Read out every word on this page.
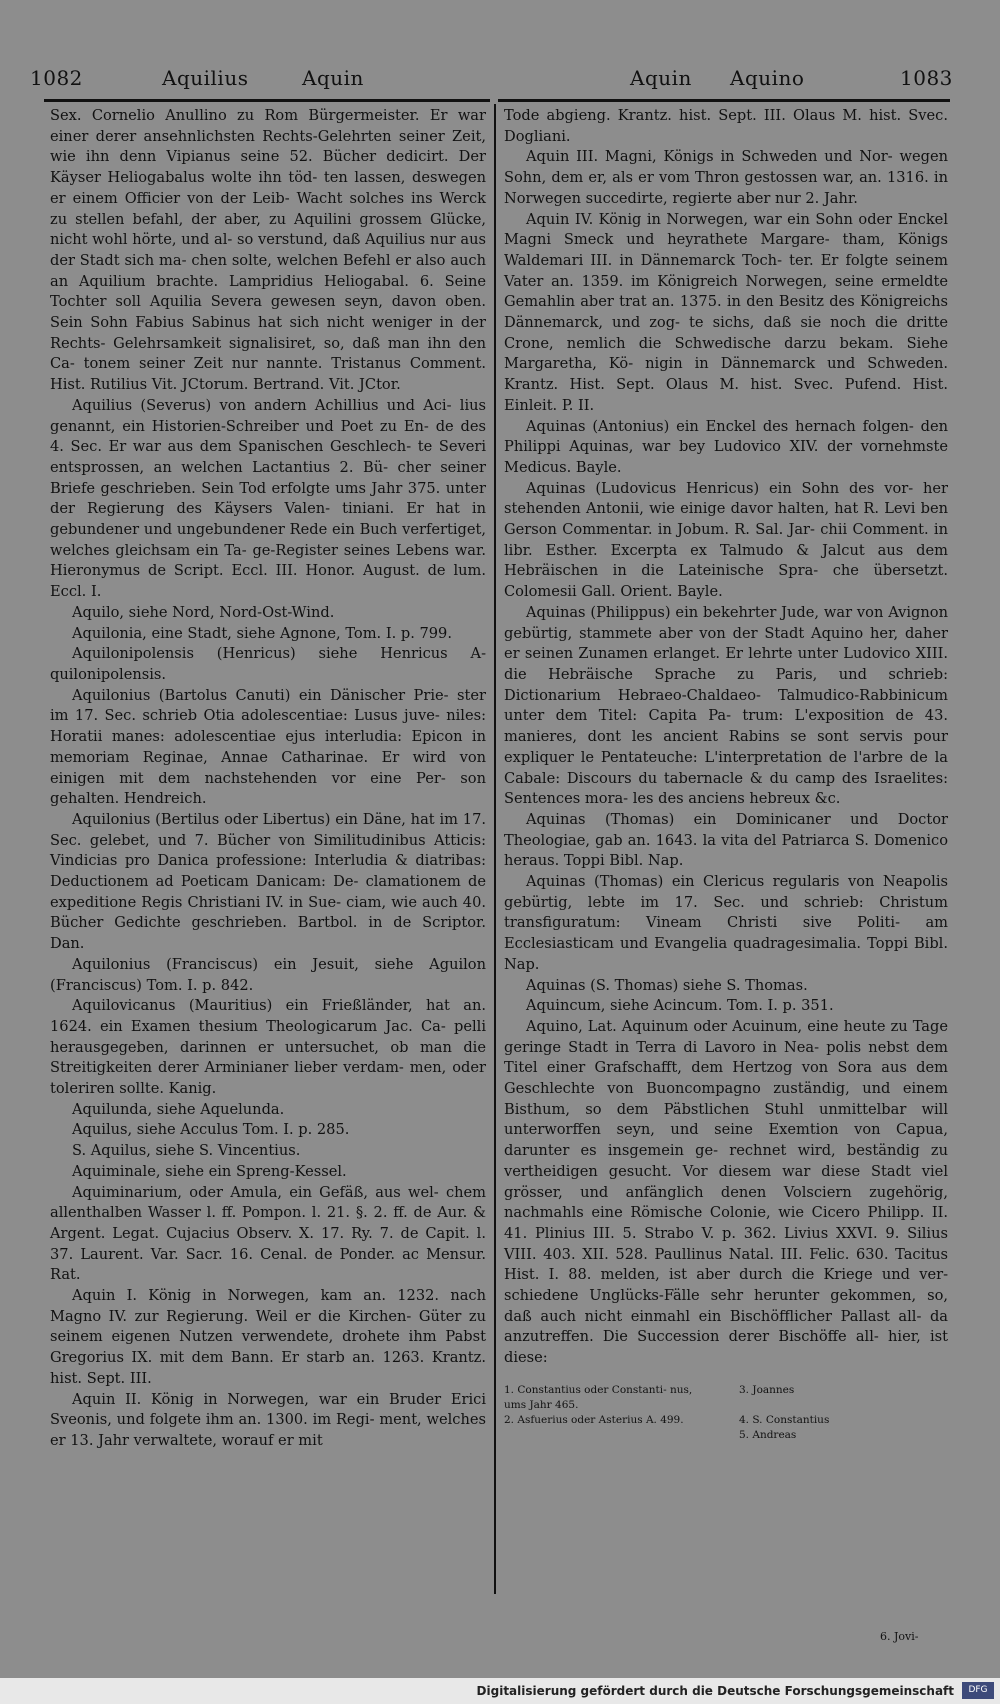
1082	Aquilius	Aquin	Aquin Aquino	1083

Sex. Cornelio Anullino zu Rom Bürgermeister. Er war einer derer ansehnlichsten Rechts-Gelehrten seiner Zeit, wie ihn denn Vipianus seine 52. Bücher dedicirt. Der Käyser Heliogabalus wolte ihn töd- ten lassen, deswegen er einem Officier von der Leib- Wacht solches ins Werck zu stellen befahl, der aber, zu Aquilini grossem Glücke, nicht wohl hörte, und al- so verstund, daß Aquilius nur aus der Stadt sich ma- chen solte, welchen Befehl er also auch an Aquilium brachte. Lampridius Heliogabal. 6. Seine Tochter soll Aquilia Severa gewesen seyn, davon oben. Sein Sohn Fabius Sabinus hat sich nicht weniger in der Rechts- Gelehrsamkeit signalisiret, so, daß man ihn den Ca- tonem seiner Zeit nur nannte. Tristanus Comment. Hist. Rutilius Vit. JCtorum. Bertrand. Vit. JCtor.

Aquilius (Severus) von andern Achillius und Aci- lius genannt, ein Historien-Schreiber und Poet zu En- de des 4. Sec. Er war aus dem Spanischen Geschlech- te Severi entsprossen, an welchen Lactantius 2. Bü- cher seiner Briefe geschrieben. Sein Tod erfolgte ums Jahr 375. unter der Regierung des Käysers Valen- tiniani. Er hat in gebundener und ungebundener Rede ein Buch verfertiget, welches gleichsam ein Ta- ge-Register seines Lebens war. Hieronymus de Script. Eccl. III. Honor. August. de lum. Eccl. I.

Aquilo, siehe Nord, Nord-Ost-Wind.

Aquilonia, eine Stadt, siehe Agnone, Tom. I. p. 799.

Aquilonipolensis (Henricus) siehe Henricus A- quilonipolensis.

Aquilonius (Bartolus Canuti) ein Dänischer Prie- ster im 17. Sec. schrieb Otia adolescentiae: Lusus juve- niles: Horatii manes: adolescentiae ejus interludia: Epicon in memoriam Reginae, Annae Catharinae. Er wird von einigen mit dem nachstehenden vor eine Per- son gehalten. Hendreich.

Aquilonius (Bertilus oder Libertus) ein Däne, hat im 17. Sec. gelebet, und 7. Bücher von Similitudinibus Atticis: Vindicias pro Danica professione: Interludia & diatribas: Deductionem ad Poeticam Danicam: De- clamationem de expeditione Regis Christiani IV. in Sue- ciam, wie auch 40. Bücher Gedichte geschrieben. Bartbol. in de Scriptor. Dan.

Aquilonius (Franciscus) ein Jesuit, siehe Aguilon (Franciscus) Tom. I. p. 842.

Aquilovicanus (Mauritius) ein Frießländer, hat an. 1624. ein Examen thesium Theologicarum Jac. Ca- pelli herausgegeben, darinnen er untersuchet, ob man die Streitigkeiten derer Arminianer lieber verdam- men, oder toleriren sollte. Kanig.

Aquilunda, siehe Aquelunda.

Aquilus, siehe Acculus Tom. I. p. 285.

S. Aquilus, siehe S. Vincentius.

Aquiminale, siehe ein Spreng-Kessel.

Aquiminarium, oder Amula, ein Gefäß, aus wel- chem allenthalben Wasser l. ff. Pompon. l. 21. §. 2. ff. de Aur. & Argent. Legat. Cujacius Observ. X. 17. Ry. 7. de Capit. l. 37. Laurent. Var. Sacr. 16. Cenal. de Ponder. ac Mensur. Rat.

Aquin I. König in Norwegen, kam an. 1232. nach Magno IV. zur Regierung. Weil er die Kirchen- Güter zu seinem eigenen Nutzen verwendete, drohete ihm Pabst Gregorius IX. mit dem Bann. Er starb an. 1263. Krantz. hist. Sept. III.

Aquin II. König in Norwegen, war ein Bruder Erici Sveonis, und folgete ihm an. 1300. im Regi- ment, welches er 13. Jahr verwaltete, worauf er mit

Tode abgieng. Krantz. hist. Sept. III. Olaus M. hist. Svec. Dogliani.

Aquin III. Magni, Königs in Schweden und Nor- wegen Sohn, dem er, als er vom Thron gestossen war, an. 1316. in Norwegen succedirte, regierte aber nur 2. Jahr.

Aquin IV. König in Norwegen, war ein Sohn oder Enckel Magni Smeck und heyrathete Margare- tham, Königs Waldemari III. in Dännemarck Toch- ter. Er folgte seinem Vater an. 1359. im Königreich Norwegen, seine ermeldte Gemahlin aber trat an. 1375. in den Besitz des Königreichs Dännemarck, und zog- te sichs, daß sie noch die dritte Crone, nemlich die Schwedische darzu bekam. Siehe Margaretha, Kö- nigin in Dännemarck und Schweden. Krantz. Hist. Sept. Olaus M. hist. Svec. Pufend. Hist. Einleit. P. II.

Aquinas (Antonius) ein Enckel des hernach folgen- den Philippi Aquinas, war bey Ludovico XIV. der vornehmste Medicus. Bayle.

Aquinas (Ludovicus Henricus) ein Sohn des vor- her stehenden Antonii, wie einige davor halten, hat R. Levi ben Gerson Commentar. in Jobum. R. Sal. Jar- chii Comment. in libr. Esther. Excerpta ex Talmudo & Jalcut aus dem Hebräischen in die Lateinische Spra- che übersetzt. Colomesii Gall. Orient. Bayle.

Aquinas (Philippus) ein bekehrter Jude, war von Avignon gebürtig, stammete aber von der Stadt Aquino her, daher er seinen Zunamen erlanget. Er lehrte unter Ludovico XIII. die Hebräische Sprache zu Paris, und schrieb: Dictionarium Hebraeo-Chaldaeo- Talmudico-Rabbinicum unter dem Titel: Capita Pa- trum: L'exposition de 43. manieres, dont les ancient Rabins se sont servis pour expliquer le Pentateuche: L'interpretation de l'arbre de la Cabale: Discours du tabernacle & du camp des Israelites: Sentences mora- les des anciens hebreux &c.

Aquinas (Thomas) ein Dominicaner und Doctor Theologiae, gab an. 1643. la vita del Patriarca S. Domenico heraus. Toppi Bibl. Nap.

Aquinas (Thomas) ein Clericus regularis von Neapolis gebürtig, lebte im 17. Sec. und schrieb: Christum transfiguratum: Vineam Christi sive Politi- am Ecclesiasticam und Evangelia quadragesimalia. Toppi Bibl. Nap.

Aquinas (S. Thomas) siehe S. Thomas.

Aquincum, siehe Acincum. Tom. I. p. 351.

Aquino, Lat. Aquinum oder Acuinum, eine heute zu Tage geringe Stadt in Terra di Lavoro in Nea- polis nebst dem Titel einer Grafschafft, dem Hertzog von Sora aus dem Geschlechte von Buoncompagno zuständig, und einem Bisthum, so dem Päbstlichen Stuhl unmittelbar will unterworffen seyn, und seine Exemtion von Capua, darunter es insgemein ge- rechnet wird, beständig zu vertheidigen gesucht. Vor diesem war diese Stadt viel grösser, und anfänglich denen Volsciern zugehörig, nachmahls eine Römische Colonie, wie Cicero Philipp. II. 41. Plinius III. 5. Strabo V. p. 362. Livius XXVI. 9. Silius VIII. 403. XII. 528. Paullinus Natal. III. Felic. 630. Tacitus Hist. I. 88. melden, ist aber durch die Kriege und ver- schiedene Unglücks-Fälle sehr herunter gekommen, so, daß auch nicht einmahl ein Bischöfflicher Pallast all- da anzutreffen. Die Succession derer Bischöffe all- hier, ist diese:

1. Constantius oder Constanti- nus, ums Jahr 465.
3. Joannes
2. Asfuerius oder Asterius A. 499.	4. S. Constantius
5. Andreas
6. Jovi-
Digitalisierung gefördert durch die Deutsche Forschungsgemeinschaft	DFG
